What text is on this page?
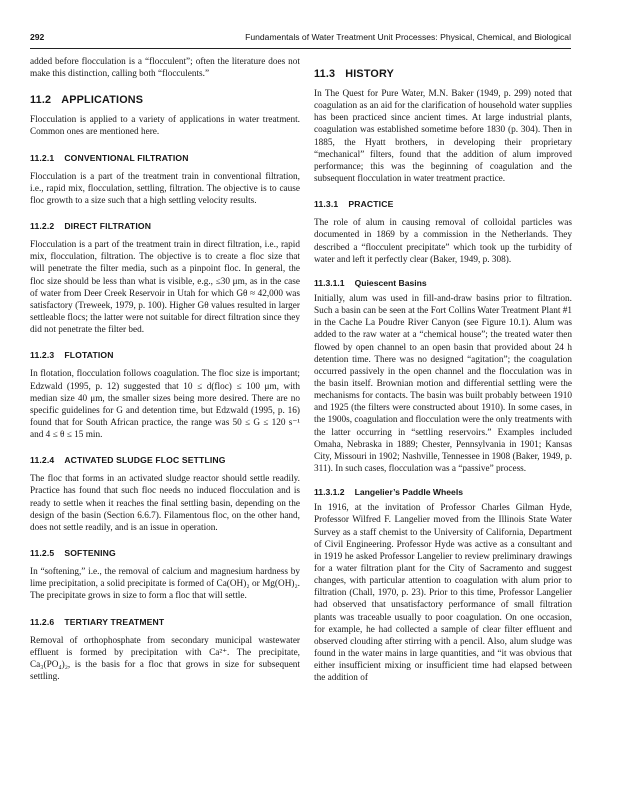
292	Fundamentals of Water Treatment Unit Processes: Physical, Chemical, and Biological

added before flocculation is a “flocculent”; often the literature does not make this distinction, calling both “flocculents.”

11.2 APPLICATIONS

Flocculation is applied to a variety of applications in water treatment. Common ones are mentioned here.

11.2.1 CONVENTIONAL FILTRATION

Flocculation is a part of the treatment train in conventional filtration, i.e., rapid mix, flocculation, settling, filtration. The objective is to cause floc growth to a size such that a high settling velocity results.

11.2.2 DIRECT FILTRATION

Flocculation is a part of the treatment train in direct filtration, i.e., rapid mix, flocculation, filtration. The objective is to create a floc size that will penetrate the filter media, such as a pinpoint floc. In general, the floc size should be less than what is visible, e.g., ≤30 μm, as in the case of water from Deer Creek Reservoir in Utah for which Gθ ≈ 42,000 was satisfactory (Treweek, 1979, p. 100). Higher Gθ values resulted in larger settleable flocs; the latter were not suitable for direct filtration since they did not penetrate the filter bed.

11.2.3 FLOTATION

In flotation, flocculation follows coagulation. The floc size is important; Edzwald (1995, p. 12) suggested that 10 ≤ d(floc) ≤ 100 μm, with median size 40 μm, the smaller sizes being more desired. There are no specific guidelines for G and detention time, but Edzwald (1995, p. 16) found that for South African practice, the range was 50 ≤ G ≤ 120 s⁻¹ and 4 ≤ θ ≤ 15 min.

11.2.4 ACTIVATED SLUDGE FLOC SETTLING

The floc that forms in an activated sludge reactor should settle readily. Practice has found that such floc needs no induced flocculation and is ready to settle when it reaches the final settling basin, depending on the design of the basin (Section 6.6.7). Filamentous floc, on the other hand, does not settle readily, and is an issue in operation.

11.2.5 SOFTENING

In “softening,” i.e., the removal of calcium and magnesium hardness by lime precipitation, a solid precipitate is formed of Ca(OH)₂ or Mg(OH)₂. The precipitate grows in size to form a floc that will settle.

11.2.6 TERTIARY TREATMENT

Removal of orthophosphate from secondary municipal wastewater effluent is formed by precipitation with Ca²⁺. The precipitate, Ca₃(PO₄)₂, is the basis for a floc that grows in size for subsequent settling.

11.3 HISTORY

In The Quest for Pure Water, M.N. Baker (1949, p. 299) noted that coagulation as an aid for the clarification of household water supplies has been practiced since ancient times. At large industrial plants, coagulation was established sometime before 1830 (p. 304). Then in 1885, the Hyatt brothers, in developing their proprietary “mechanical” filters, found that the addition of alum improved performance; this was the beginning of coagulation and the subsequent flocculation in water treatment practice.

11.3.1 PRACTICE

The role of alum in causing removal of colloidal particles was documented in 1869 by a commission in the Netherlands. They described a “flocculent precipitate” which took up the turbidity of water and left it perfectly clear (Baker, 1949, p. 308).

11.3.1.1 Quiescent Basins

Initially, alum was used in fill-and-draw basins prior to filtration. Such a basin can be seen at the Fort Collins Water Treatment Plant #1 in the Cache La Poudre River Canyon (see Figure 10.1). Alum was added to the raw water at a “chemical house”; the treated water then flowed by open channel to an open basin that provided about 24 h detention time. There was no designed “agitation”; the coagulation occurred passively in the open channel and the flocculation was in the basin itself. Brownian motion and differential settling were the mechanisms for contacts. The basin was built probably between 1910 and 1925 (the filters were constructed about 1910). In some cases, in the 1900s, coagulation and flocculation were the only treatments with the latter occurring in “settling reservoirs.” Examples included Omaha, Nebraska in 1889; Chester, Pennsylvania in 1901; Kansas City, Missouri in 1902; Nashville, Tennessee in 1908 (Baker, 1949, p. 311). In such cases, flocculation was a “passive” process.

11.3.1.2 Langelier’s Paddle Wheels

In 1916, at the invitation of Professor Charles Gilman Hyde, Professor Wilfred F. Langelier moved from the Illinois State Water Survey as a staff chemist to the University of California, Department of Civil Engineering. Professor Hyde was active as a consultant and in 1919 he asked Professor Langelier to review preliminary drawings for a water filtration plant for the City of Sacramento and suggest changes, with particular attention to coagulation with alum prior to filtration (Chall, 1970, p. 23). Prior to this time, Professor Langelier had observed that unsatisfactory performance of small filtration plants was traceable usually to poor coagulation. On one occasion, for example, he had collected a sample of clear filter effluent and observed clouding after stirring with a pencil. Also, alum sludge was found in the water mains in large quantities, and “it was obvious that either insufficient mixing or insufficient time had elapsed between the addition of
